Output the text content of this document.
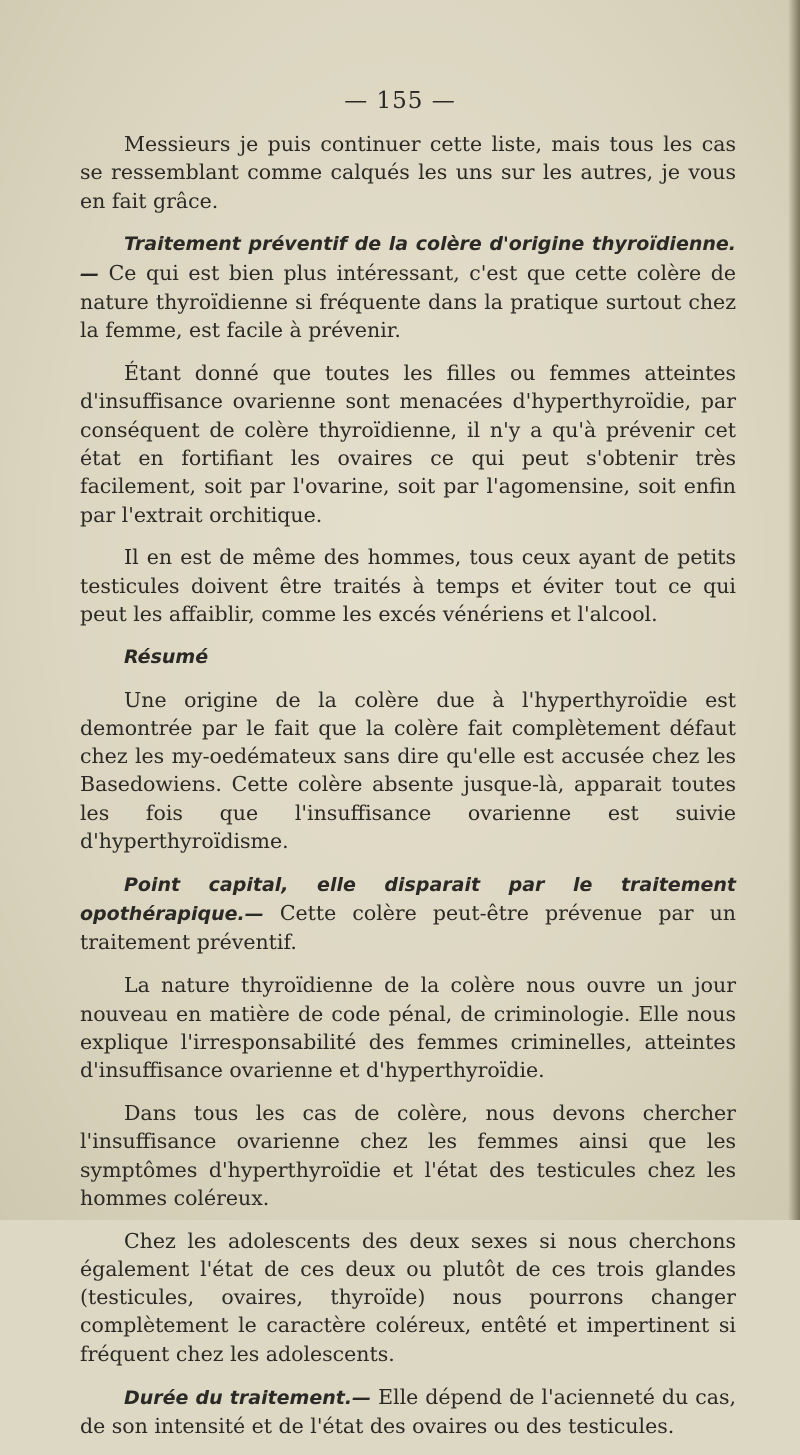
— 155 —

Messieurs je puis continuer cette liste, mais tous les cas se ressemblant comme calqués les uns sur les autres, je vous en fait grâce.

Traitement préventif de la colère d'origine thyroïdienne.— Ce qui est bien plus intéressant, c'est que cette colère de nature thyroïdienne si fréquente dans la pratique surtout chez la femme, est facile à prévenir.

Étant donné que toutes les filles ou femmes atteintes d'insuffisance ovarienne sont menacées d'hyperthyroïdie, par conséquent de colère thyroïdienne, il n'y a qu'à prévenir cet état en fortifiant les ovaires ce qui peut s'obtenir très facilement, soit par l'ovarine, soit par l'agomensine, soit enfin par l'extrait orchitique.

Il en est de même des hommes, tous ceux ayant de petits testicules doivent être traités à temps et éviter tout ce qui peut les affaiblir, comme les excés vénériens et l'alcool.

Résumé

Une origine de la colère due à l'hyperthyroïdie est demontrée par le fait que la colère fait complètement défaut chez les my-oedémateux sans dire qu'elle est accusée chez les Basedowiens. Cette colère absente jusque-là, apparait toutes les fois que l'insuffisance ovarienne est suivie d'hyperthyroïdisme.

Point capital, elle disparait par le traitement opothérapique.— Cette colère peut-être prévenue par un traitement préventif.

La nature thyroïdienne de la colère nous ouvre un jour nouveau en matière de code pénal, de criminologie. Elle nous explique l'irresponsabilité des femmes criminelles, atteintes d'insuffisance ovarienne et d'hyperthyroïdie.

Dans tous les cas de colère, nous devons chercher l'insuffisance ovarienne chez les femmes ainsi que les symptômes d'hyperthyroïdie et l'état des testicules chez les hommes coléreux.

Chez les adolescents des deux sexes si nous cherchons également l'état de ces deux ou plutôt de ces trois glandes (testicules, ovaires, thyroïde) nous pourrons changer complètement le caractère coléreux, entêté et impertinent si fréquent chez les adolescents.

Durée du traitement.— Elle dépend de l'acienneté du cas, de son intensité et de l'état des ovaires ou des testicules.
